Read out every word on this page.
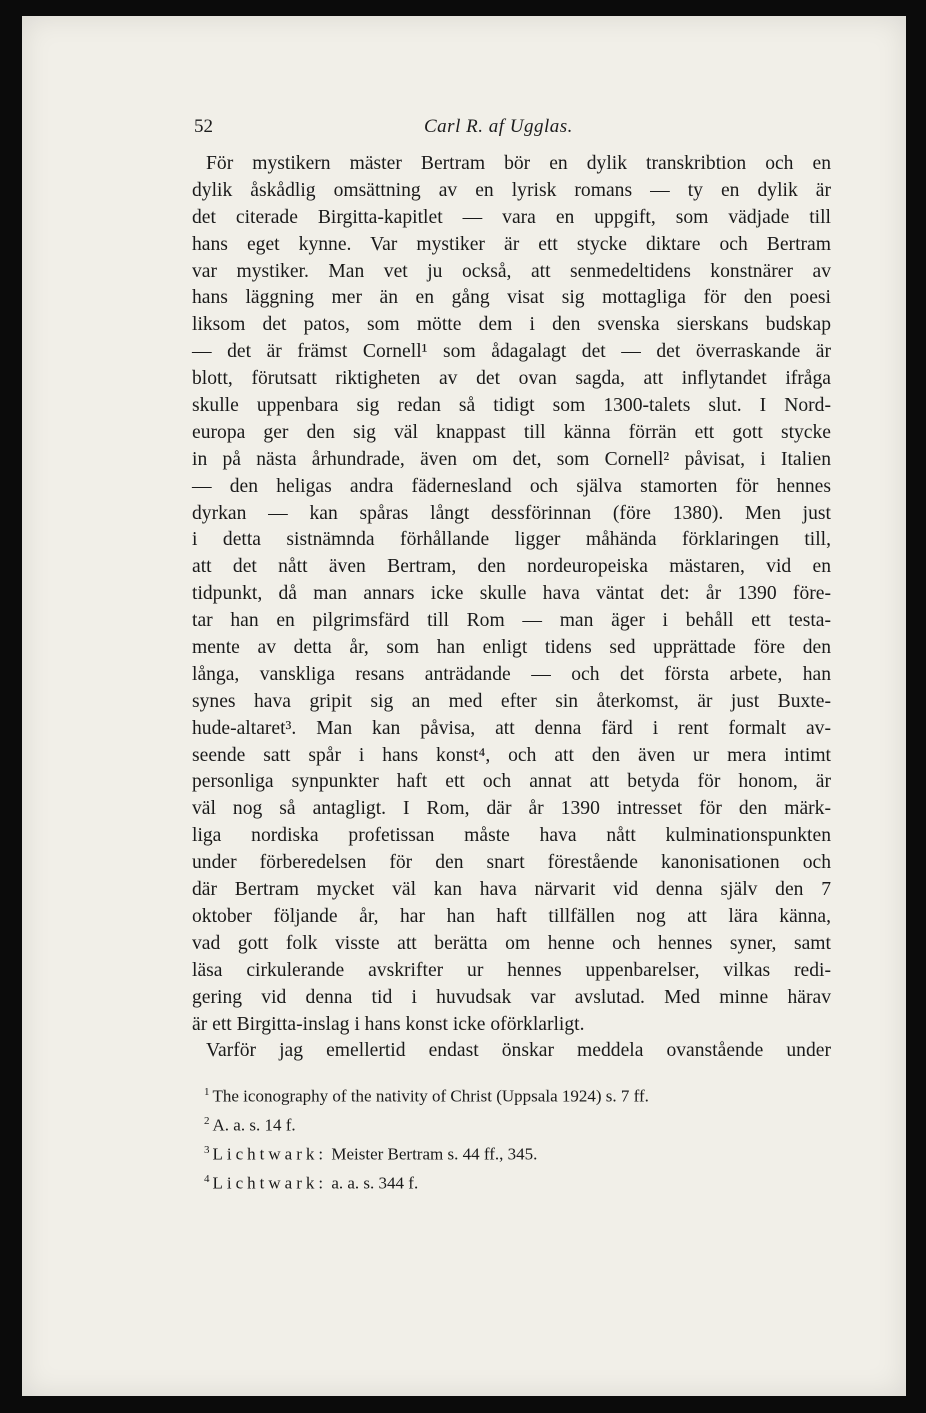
52	Carl R. af Ugglas.
För mystikern mäster Bertram bör en dylik transkribtion och en
dylik åskådlig omsättning av en lyrisk romans — ty en dylik är
det citerade Birgitta-kapitlet — vara en uppgift, som vädjade till
hans eget kynne. Var mystiker är ett stycke diktare och Bertram
var mystiker. Man vet ju också, att senmedeltidens konstnärer av
hans läggning mer än en gång visat sig mottagliga för den poesi
liksom det patos, som mötte dem i den svenska sierskans budskap
— det är främst Cornell¹ som ådagalagt det — det överraskande är
blott, förutsatt riktigheten av det ovan sagda, att inflytandet ifråga
skulle uppenbara sig redan så tidigt som 1300-talets slut. I Nord-
europa ger den sig väl knappast till känna förrän ett gott stycke
in på nästa århundrade, även om det, som Cornell² påvisat, i Italien
— den heligas andra fädernesland och själva stamorten för hennes
dyrkan — kan spåras långt dessförinnan (före 1380). Men just
i detta sistnämnda förhållande ligger måhända förklaringen till,
att det nått även Bertram, den nordeuropeiska mästaren, vid en
tidpunkt, då man annars icke skulle hava väntat det: år 1390 före-
tar han en pilgrimsfärd till Rom — man äger i behåll ett testa-
mente av detta år, som han enligt tidens sed upprättade före den
långa, vanskliga resans anträdande — och det första arbete, han
synes hava gripit sig an med efter sin återkomst, är just Buxte-
hude-altaret³. Man kan påvisa, att denna färd i rent formalt av-
seende satt spår i hans konst⁴, och att den även ur mera intimt
personliga synpunkter haft ett och annat att betyda för honom, är
väl nog så antagligt. I Rom, där år 1390 intresset för den märk-
liga nordiska profetissan måste hava nått kulminationspunkten
under förberedelsen för den snart förestående kanonisationen och
där Bertram mycket väl kan hava närvarit vid denna själv den 7
oktober följande år, har han haft tillfällen nog att lära känna,
vad gott folk visste att berätta om henne och hennes syner, samt
läsa cirkulerande avskrifter ur hennes uppenbarelser, vilkas redi-
gering vid denna tid i huvudsak var avslutad. Med minne härav
är ett Birgitta-inslag i hans konst icke oförklarligt.
Varför jag emellertid endast önskar meddela ovanstående under
$^1$ The iconography of the nativity of Christ (Uppsala 1924) s. 7 ff.
$^2$ A. a. s. 14 f.
$^3$ Lichtwark: Meister Bertram s. 44 ff., 345.
$^4$ Lichtwark: a. a. s. 344 f.
